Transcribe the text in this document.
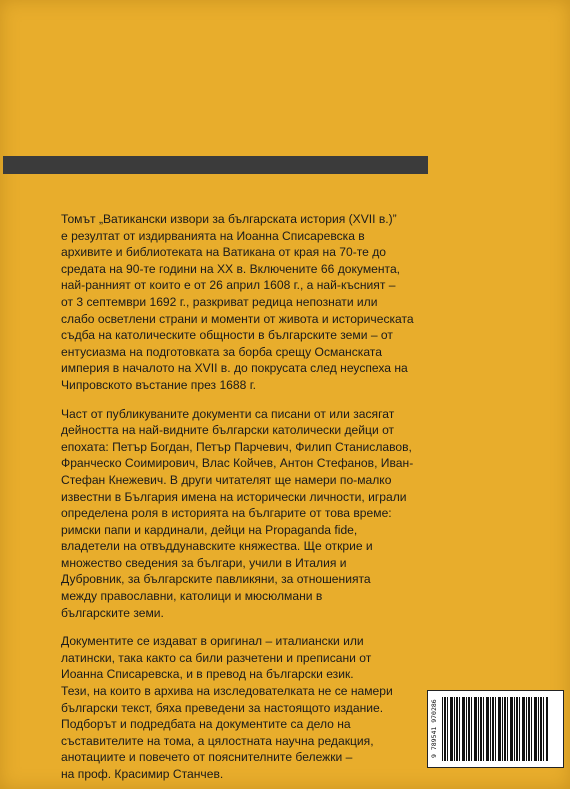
Томът „Ватикански извори за българската история (XVII в.)”
е резултат от издирванията на Иоанна Списаревска в
архивите и библиотеката на Ватикана от края на 70-те до
средата на 90-те години на XX в. Включените 66 документа,
най-ранният от които е от 26 април 1608 г., а най-късният –
от 3 септември 1692 г., разкриват редица непознати или
слабо осветлени страни и моменти от живота и историческата
съдба на католическите общности в българските земи – от
ентусиазма на подготовката за борба срещу Османската
империя в началото на XVII в. до покрусата след неуспеха на
Чипровското въстание през 1688 г.

Част от публикуваните документи са писани от или засягат
дейността на най-видните български католически дейци от
епохата: Петър Богдан, Петър Парчевич, Филип Станиславов,
Франческо Соимирович, Влас Койчев, Антон Стефанов, Иван-
Стефан Кнежевич. В други читателят ще намери по-малко
известни в България имена на исторически личности, играли
определена роля в историята на българите от това време:
римски папи и кардинали, дейци на Propaganda fide,
владетели на отвъддунавските княжества. Ще открие и
множество сведения за българи, учили в Италия и
Дубровник, за българските павликяни, за отношенията
между православни, католици и мюсюлмани в
българските земи.

Документите се издават в оригинал – италиански или
латински, така както са били разчетени и преписани от
Иоанна Списаревска, и в превод на български език.
Тези, на които в архива на изследователката не се намери
български текст, бяха преведени за настоящото издание.
Подборът и подредбата на документите са дело на
съставителите на тома, а цялостната научна редакция,
анотациите и повечето от пояснителните бележки –
на проф. Красимир Станчев.

9 789541 970286
